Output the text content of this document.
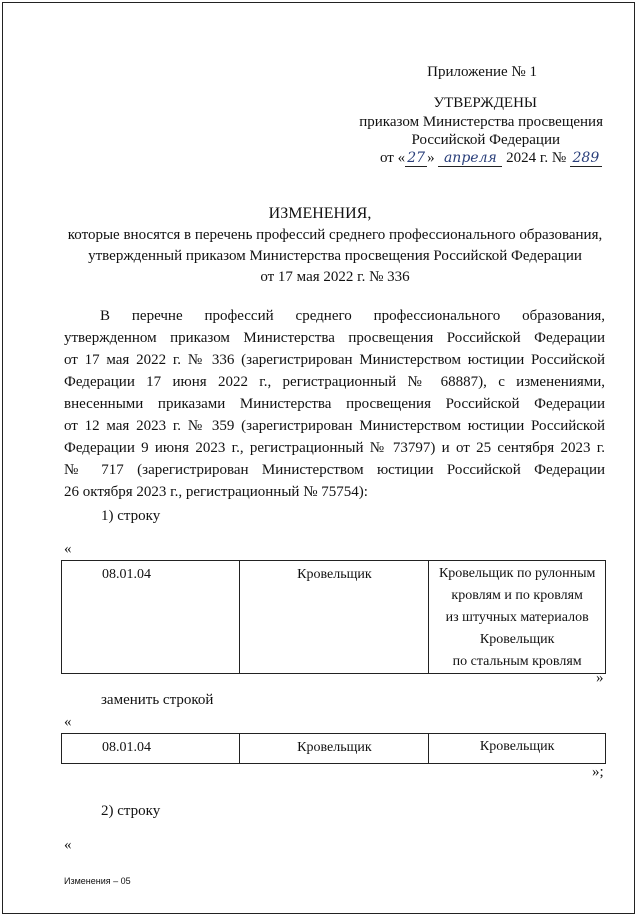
Приложение № 1
УТВЕРЖДЕНЫ
приказом Министерства просвещения
Российской Федерации
от « 27 » апреля 2024 г. № 289
ИЗМЕНЕНИЯ,
которые вносятся в перечень профессий среднего профессионального образования,
утвержденный приказом Министерства просвещения Российской Федерации
от 17 мая 2022 г. № 336
В перечне профессий среднего профессионального образования,
утвержденном приказом Министерства просвещения Российской Федерации
от 17 мая 2022 г. № 336 (зарегистрирован Министерством юстиции Российской
Федерации 17 июня 2022 г., регистрационный № 68887), с изменениями,
внесенными приказами Министерства просвещения Российской Федерации
от 12 мая 2023 г. № 359 (зарегистрирован Министерством юстиции Российской
Федерации 9 июня 2023 г., регистрационный № 73797) и от 25 сентября 2023 г.
№ 717 (зарегистрирован Министерством юстиции Российской Федерации
26 октября 2023 г., регистрационный № 75754):
1) строку
«
08.01.04	Кровельщик	Кровельщик по рулонным
кровлям и по кровлям
из штучных материалов
Кровельщик
по стальным кровлям
»
заменить строкой
«
08.01.04	Кровельщик	Кровельщик
»;
2) строку
«
Изменения – 05
